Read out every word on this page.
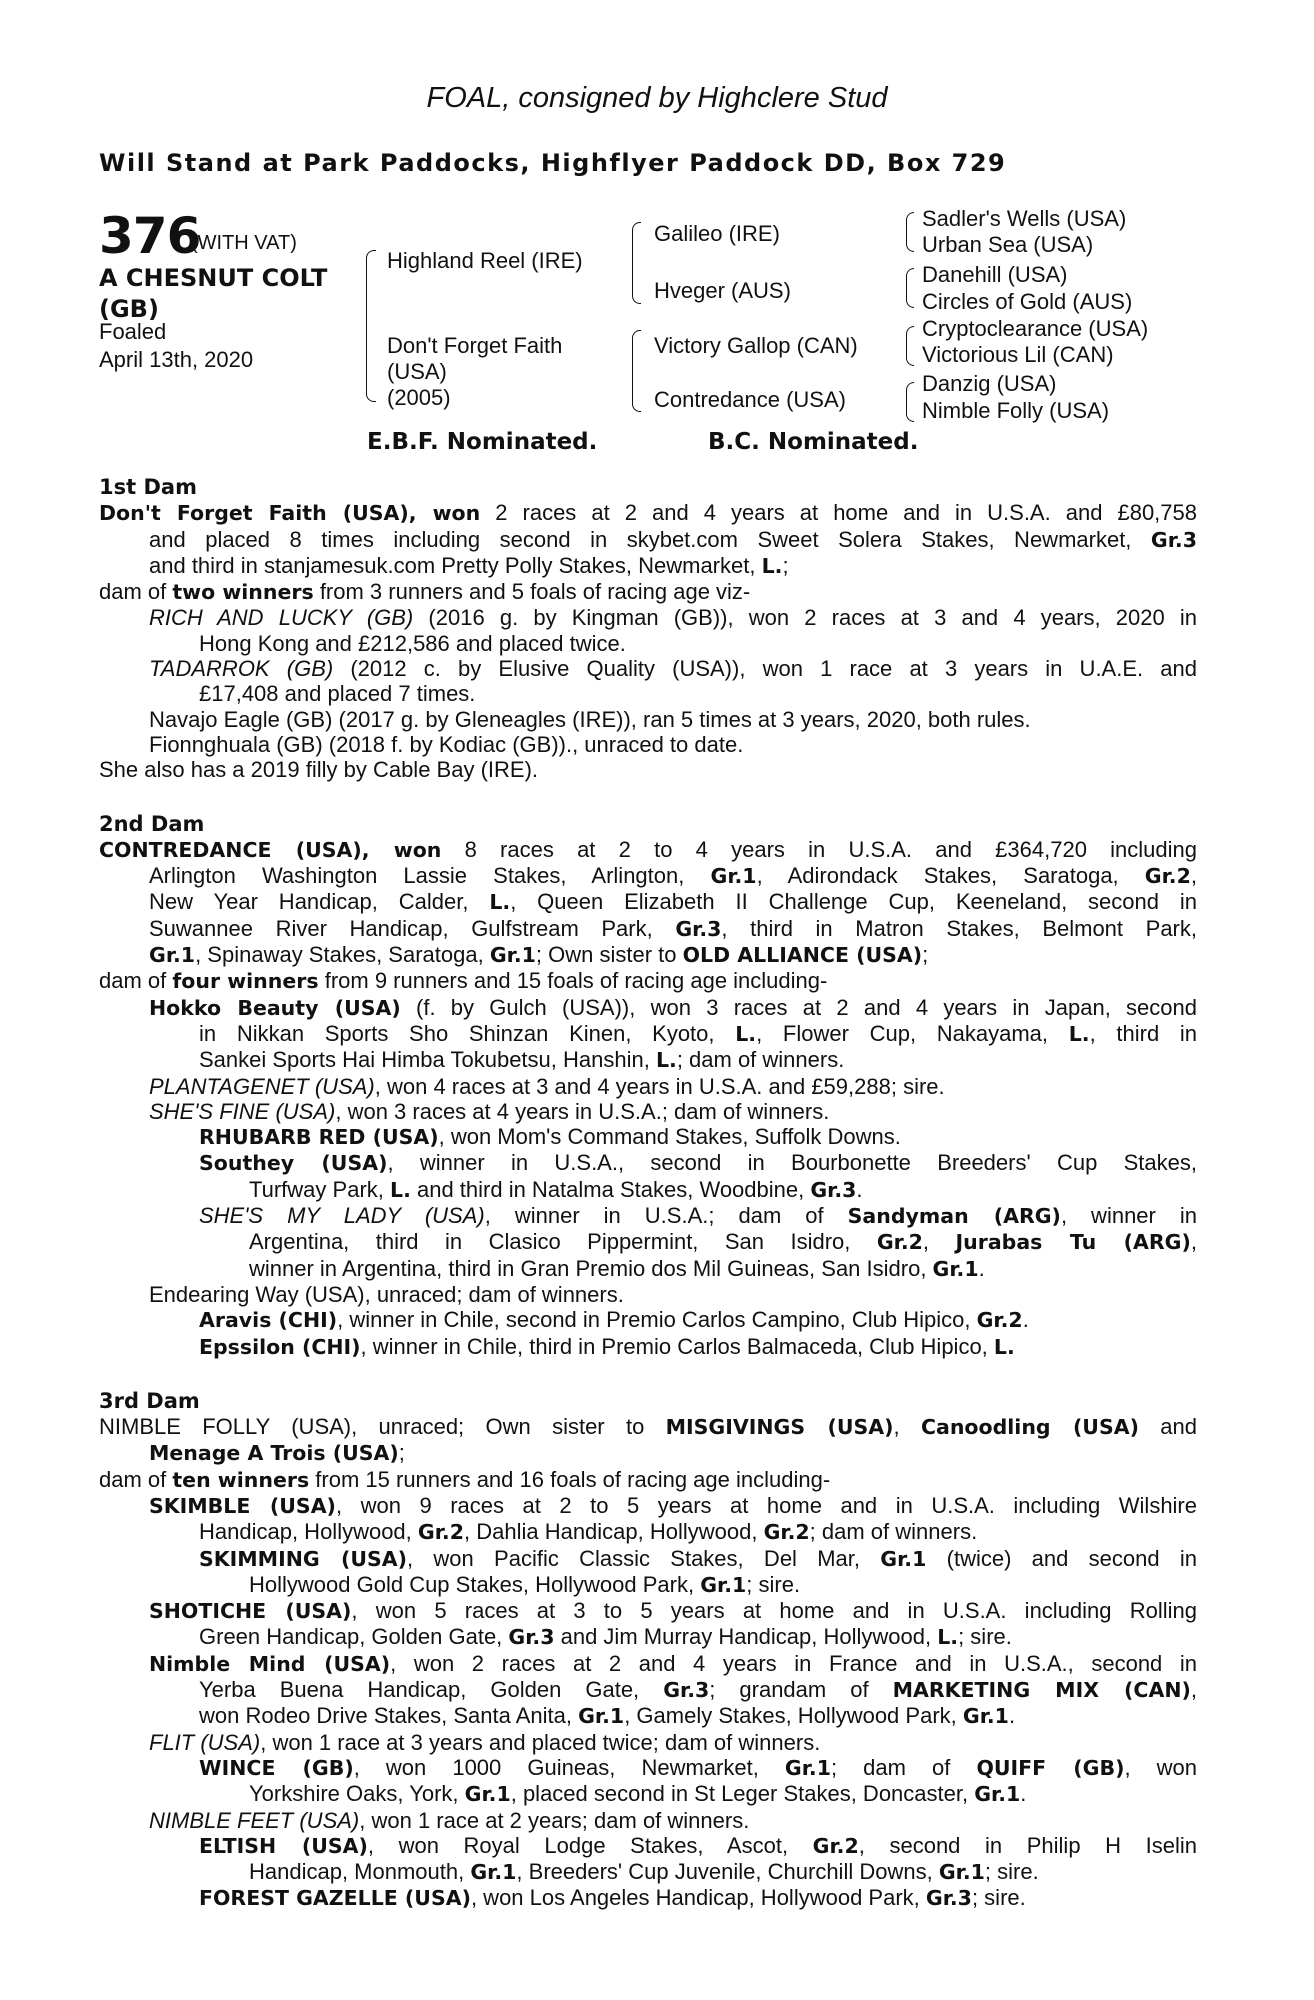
FOAL, consigned by Highclere Stud
Will Stand at Park Paddocks, Highflyer Paddock DD, Box 729
376
(WITH VAT)
A CHESNUT COLT
(GB)
Foaled
April 13th, 2020
Highland Reel (IRE)
Don't Forget Faith
(USA)
(2005)
Galileo (IRE)
Hveger (AUS)
Victory Gallop (CAN)
Contredance (USA)
Sadler's Wells (USA)
Urban Sea (USA)
Danehill (USA)
Circles of Gold (AUS)
Cryptoclearance (USA)
Victorious Lil (CAN)
Danzig (USA)
Nimble Folly (USA)
E.B.F. Nominated.	B.C. Nominated.
1st Dam
Don't Forget Faith (USA), won 2 races at 2 and 4 years at home and in U.S.A. and £80,758
and placed 8 times including second in skybet.com Sweet Solera Stakes, Newmarket, Gr.3
and third in stanjamesuk.com Pretty Polly Stakes, Newmarket, L.;
dam of two winners from 3 runners and 5 foals of racing age viz-
RICH AND LUCKY (GB) (2016 g. by Kingman (GB)), won 2 races at 3 and 4 years, 2020 in
Hong Kong and £212,586 and placed twice.
TADARROK (GB) (2012 c. by Elusive Quality (USA)), won 1 race at 3 years in U.A.E. and
£17,408 and placed 7 times.
Navajo Eagle (GB) (2017 g. by Gleneagles (IRE)), ran 5 times at 3 years, 2020, both rules.
Fionnghuala (GB) (2018 f. by Kodiac (GB))., unraced to date.
She also has a 2019 filly by Cable Bay (IRE).
2nd Dam
CONTREDANCE (USA), won 8 races at 2 to 4 years in U.S.A. and £364,720 including
Arlington Washington Lassie Stakes, Arlington, Gr.1, Adirondack Stakes, Saratoga, Gr.2,
New Year Handicap, Calder, L., Queen Elizabeth II Challenge Cup, Keeneland, second in
Suwannee River Handicap, Gulfstream Park, Gr.3, third in Matron Stakes, Belmont Park,
Gr.1, Spinaway Stakes, Saratoga, Gr.1; Own sister to OLD ALLIANCE (USA);
dam of four winners from 9 runners and 15 foals of racing age including-
Hokko Beauty (USA) (f. by Gulch (USA)), won 3 races at 2 and 4 years in Japan, second
in Nikkan Sports Sho Shinzan Kinen, Kyoto, L., Flower Cup, Nakayama, L., third in
Sankei Sports Hai Himba Tokubetsu, Hanshin, L.; dam of winners.
PLANTAGENET (USA), won 4 races at 3 and 4 years in U.S.A. and £59,288; sire.
SHE'S FINE (USA), won 3 races at 4 years in U.S.A.; dam of winners.
RHUBARB RED (USA), won Mom's Command Stakes, Suffolk Downs.
Southey (USA), winner in U.S.A., second in Bourbonette Breeders' Cup Stakes,
Turfway Park, L. and third in Natalma Stakes, Woodbine, Gr.3.
SHE'S MY LADY (USA), winner in U.S.A.; dam of Sandyman (ARG), winner in
Argentina, third in Clasico Pippermint, San Isidro, Gr.2, Jurabas Tu (ARG),
winner in Argentina, third in Gran Premio dos Mil Guineas, San Isidro, Gr.1.
Endearing Way (USA), unraced; dam of winners.
Aravis (CHI), winner in Chile, second in Premio Carlos Campino, Club Hipico, Gr.2.
Epssilon (CHI), winner in Chile, third in Premio Carlos Balmaceda, Club Hipico, L.
3rd Dam
NIMBLE FOLLY (USA), unraced; Own sister to MISGIVINGS (USA), Canoodling (USA) and
Menage A Trois (USA);
dam of ten winners from 15 runners and 16 foals of racing age including-
SKIMBLE (USA), won 9 races at 2 to 5 years at home and in U.S.A. including Wilshire
Handicap, Hollywood, Gr.2, Dahlia Handicap, Hollywood, Gr.2; dam of winners.
SKIMMING (USA), won Pacific Classic Stakes, Del Mar, Gr.1 (twice) and second in
Hollywood Gold Cup Stakes, Hollywood Park, Gr.1; sire.
SHOTICHE (USA), won 5 races at 3 to 5 years at home and in U.S.A. including Rolling
Green Handicap, Golden Gate, Gr.3 and Jim Murray Handicap, Hollywood, L.; sire.
Nimble Mind (USA), won 2 races at 2 and 4 years in France and in U.S.A., second in
Yerba Buena Handicap, Golden Gate, Gr.3; grandam of MARKETING MIX (CAN),
won Rodeo Drive Stakes, Santa Anita, Gr.1, Gamely Stakes, Hollywood Park, Gr.1.
FLIT (USA), won 1 race at 3 years and placed twice; dam of winners.
WINCE (GB), won 1000 Guineas, Newmarket, Gr.1; dam of QUIFF (GB), won
Yorkshire Oaks, York, Gr.1, placed second in St Leger Stakes, Doncaster, Gr.1.
NIMBLE FEET (USA), won 1 race at 2 years; dam of winners.
ELTISH (USA), won Royal Lodge Stakes, Ascot, Gr.2, second in Philip H Iselin
Handicap, Monmouth, Gr.1, Breeders' Cup Juvenile, Churchill Downs, Gr.1; sire.
FOREST GAZELLE (USA), won Los Angeles Handicap, Hollywood Park, Gr.3; sire.
